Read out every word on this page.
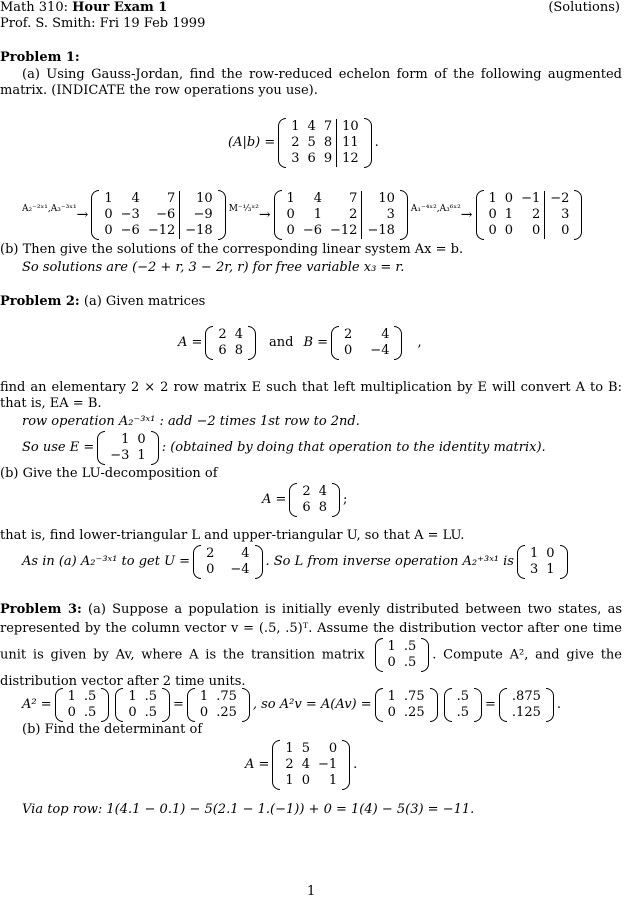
Math 310: Hour Exam 1	(Solutions)
Prof. S. Smith: Fri 19 Feb 1999
Problem 1:
(a) Using Gauss-Jordan, find the row-reduced echelon form of the following augmented matrix. (INDICATE the row operations you use).
(A|b) =
1	4	7	10
2	5	8	11
3	6	9	12
.
A₂⁻²ˣ¹,A₃⁻³ˣ¹ →
1	4	7	10
0	−3	−6	−9
0	−6	−12	−18
M⁻¹⁄₃ˣ² →
1	4	7	10
0	1	2	3
0	−6	−12	−18
A₁⁻⁴ˣ²,A₃⁶ˣ² →
1	0	−1	−2
0	1	2	3
0	0	0	0
(b) Then give the solutions of the corresponding linear system Ax = b.
So solutions are (−2 + r, 3 − 2r, r) for free variable x₃ = r.
Problem 2: (a) Given matrices
A =
2	4
6	8
and B =
2	4
0	−4
,
find an elementary 2 × 2 row matrix E such that left multiplication by E will convert A to B: that is, EA = B.
row operation A₂⁻³ˣ¹ : add −2 times 1st row to 2nd.
So use E =
1	0
−3	1
: (obtained by doing that operation to the identity matrix).
(b) Give the LU-decomposition of
A =
2	4
6	8
;
that is, find lower-triangular L and upper-triangular U, so that A = LU.
As in (a) A₂⁻³ˣ¹ to get U =
2	4
0	−4
. So L from inverse operation A₂⁺³ˣ¹ is
1	0
3	1
Problem 3: (a) Suppose a population is initially evenly distributed between two states, as represented by the column vector v = (.5, .5)ᵀ. Assume the distribution vector after one time unit is given by Av, where A is the transition matrix
1	.5
0	.5 . Compute A², and give the distribution vector after 2 time units.
A² =
1	.5
0	.5
1	.5
0	.5
=
1	.75
0	.25
, so A²v = A(Av) =
1	.75
0	.25
.5
.5
=
.875
.125
.
(b) Find the determinant of
A =
1	5	0
2	4	−1
1	0	1
.
Via top row: 1(4.1 − 0.1) − 5(2.1 − 1.(−1)) + 0 = 1(4) − 5(3) = −11.
1
